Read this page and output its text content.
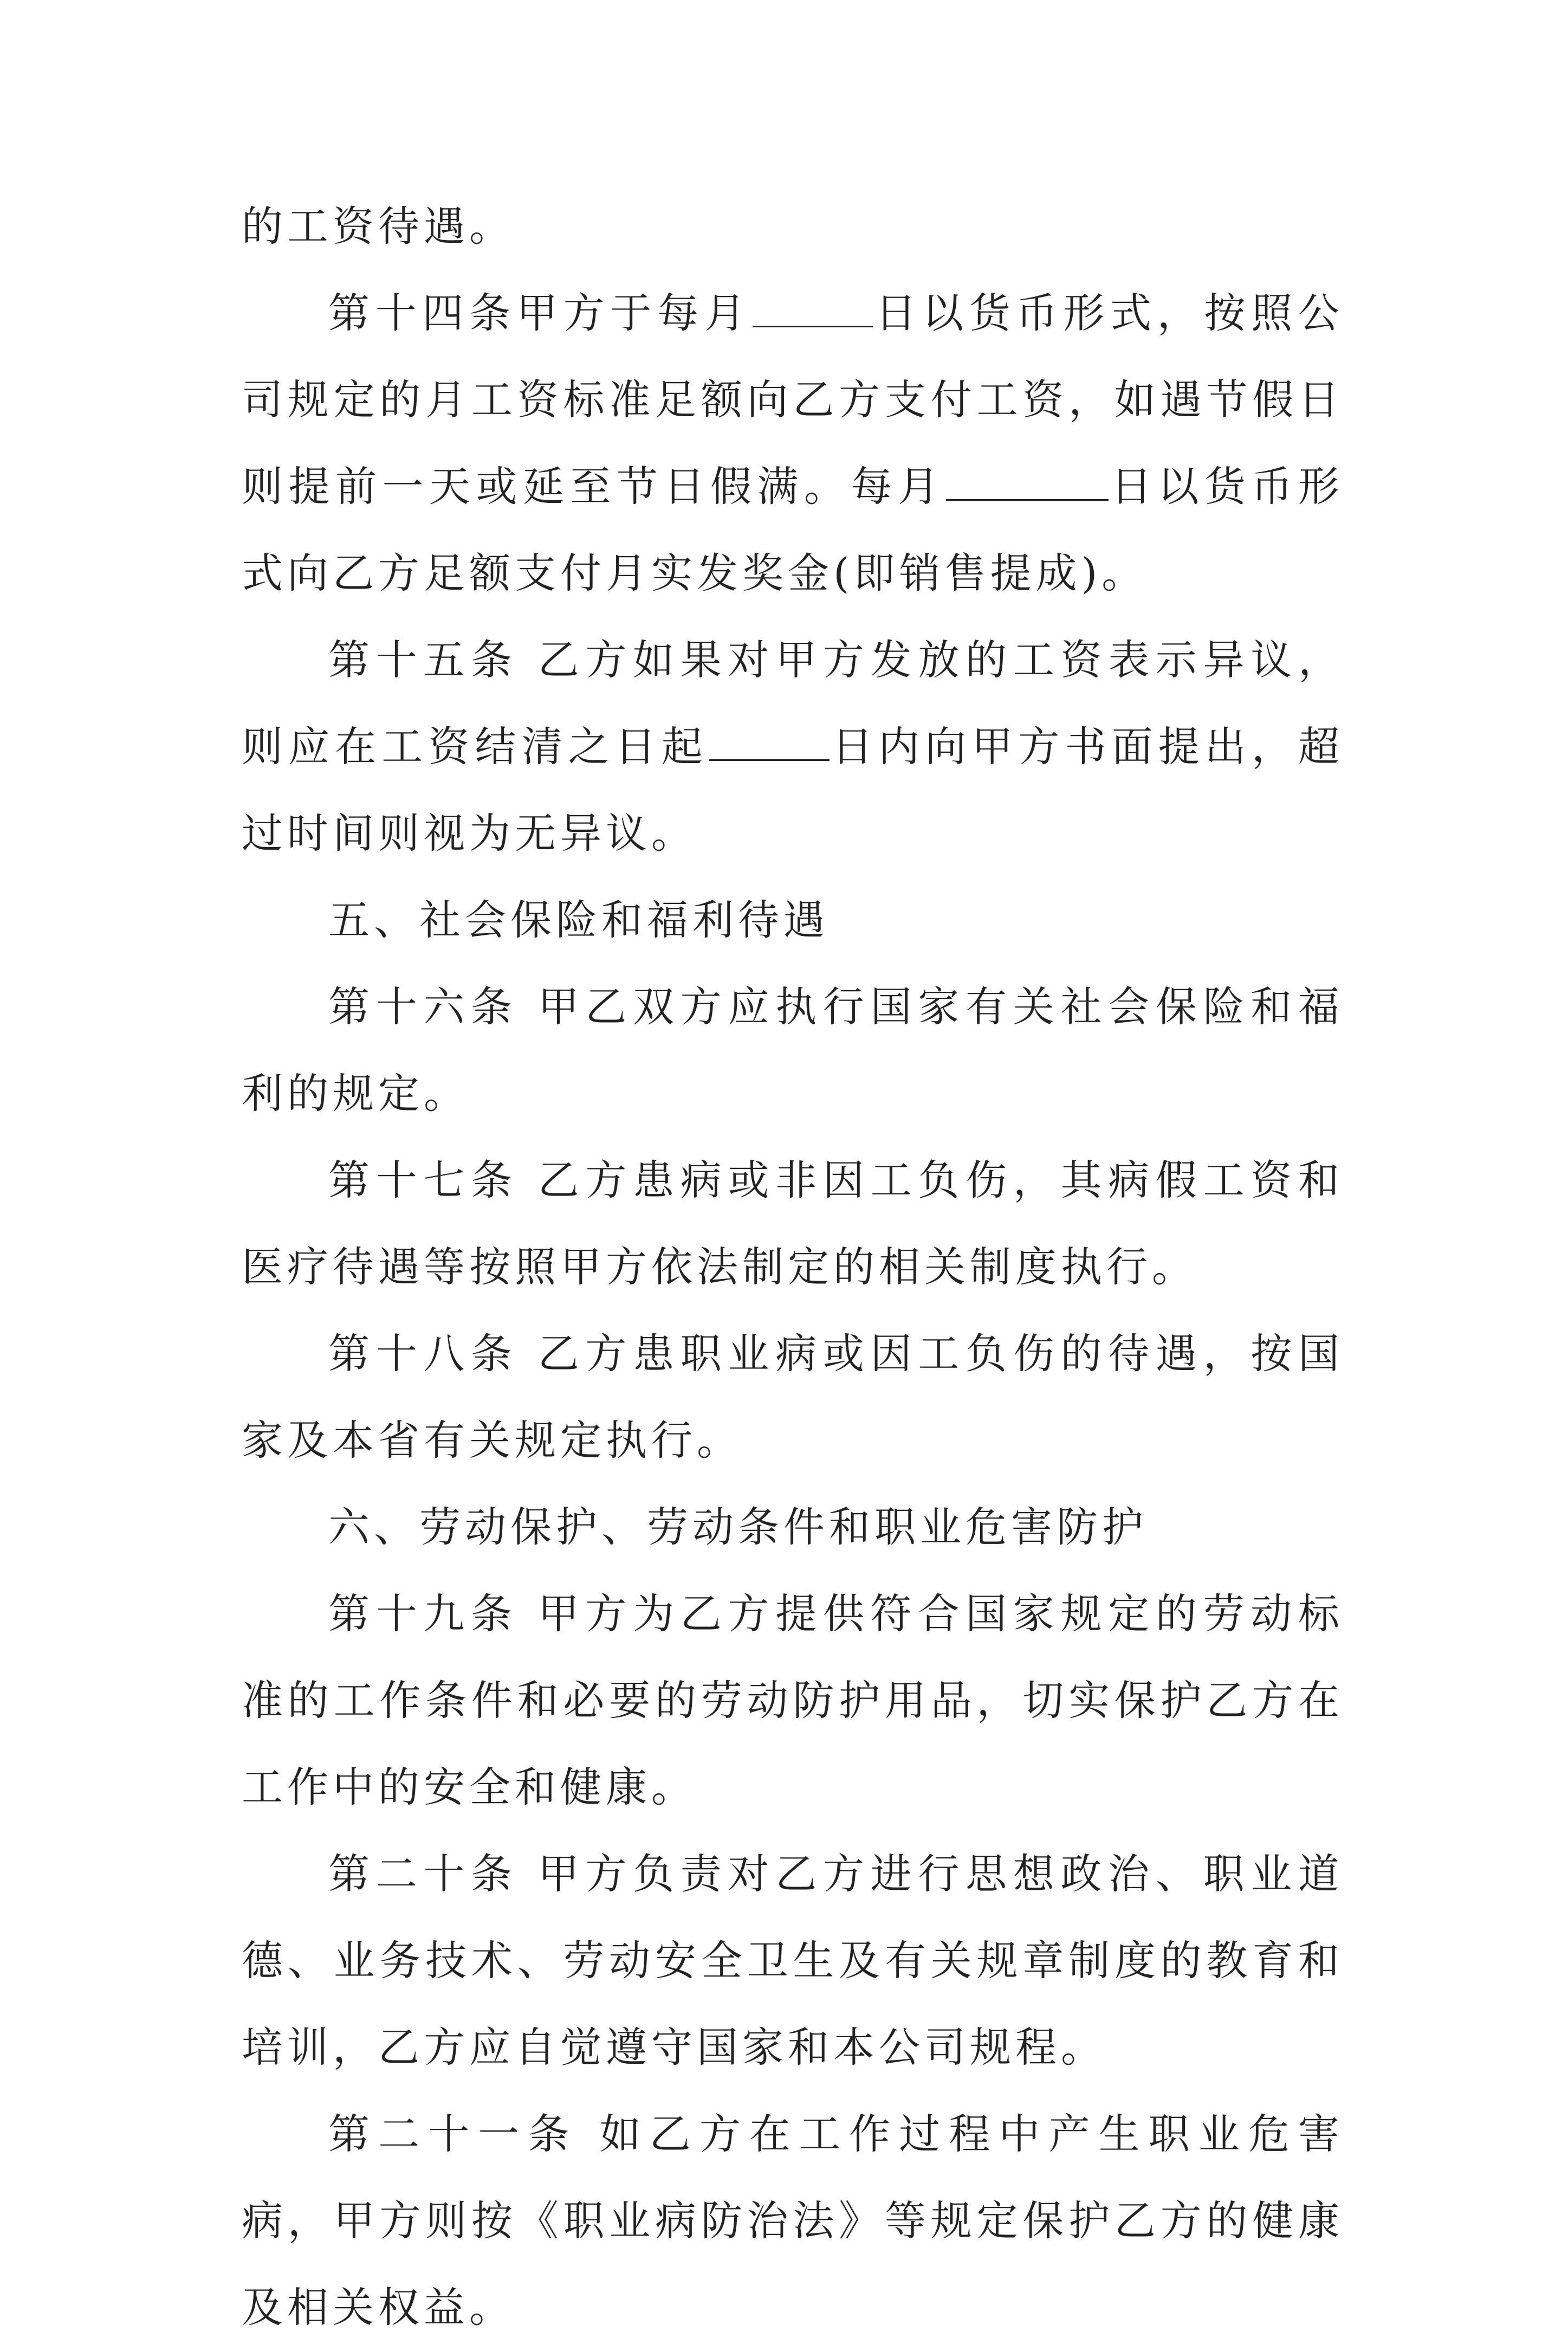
的工资待遇。

第十四条甲方于每月	日以货币形式，按照公司规定的月工资标准足额向乙方支付工资，如遇节假日则提前一天或延至节日假满。每月	日以货币形式向乙方足额支付月实发奖金(即销售提成)。

第十五条 乙方如果对甲方发放的工资表示异议，则应在工资结清之日起	日内向甲方书面提出，超过时间则视为无异议。

五、社会保险和福利待遇

第十六条 甲乙双方应执行国家有关社会保险和福利的规定。

第十七条 乙方患病或非因工负伤，其病假工资和医疗待遇等按照甲方依法制定的相关制度执行。

第十八条 乙方患职业病或因工负伤的待遇，按国家及本省有关规定执行。

六、劳动保护、劳动条件和职业危害防护

第十九条 甲方为乙方提供符合国家规定的劳动标准的工作条件和必要的劳动防护用品，切实保护乙方在工作中的安全和健康。

第二十条 甲方负责对乙方进行思想政治、职业道德、业务技术、劳动安全卫生及有关规章制度的教育和培训，乙方应自觉遵守国家和本公司规程。

第二十一条 如乙方在工作过程中产生职业危害病，甲方则按《职业病防治法》等规定保护乙方的健康及相关权益。
